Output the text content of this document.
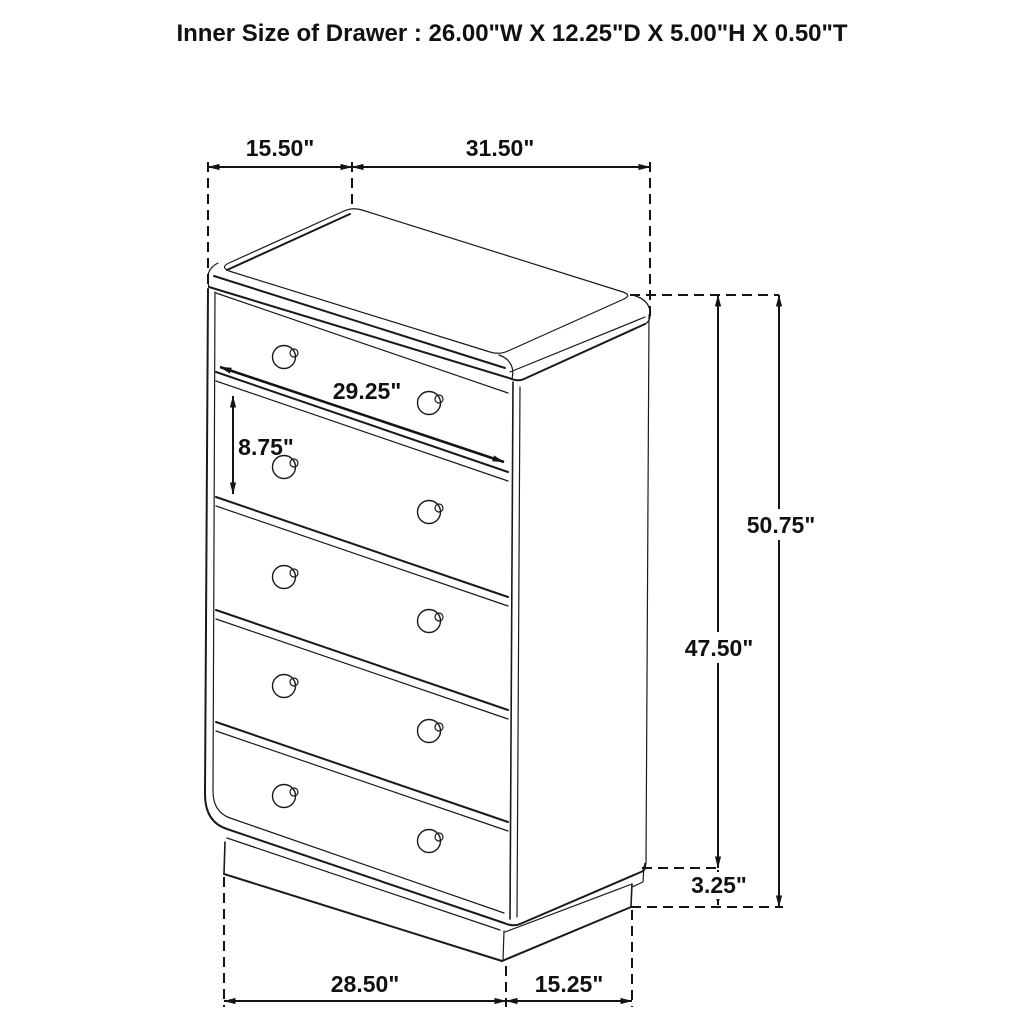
15.50"	31.50"
29.25"
8.75"
50.75"
47.50"
3.25"
28.50"	15.25"
Inner Size of Drawer : 26.00"W X 12.25"D X 5.00"H X 0.50"T
